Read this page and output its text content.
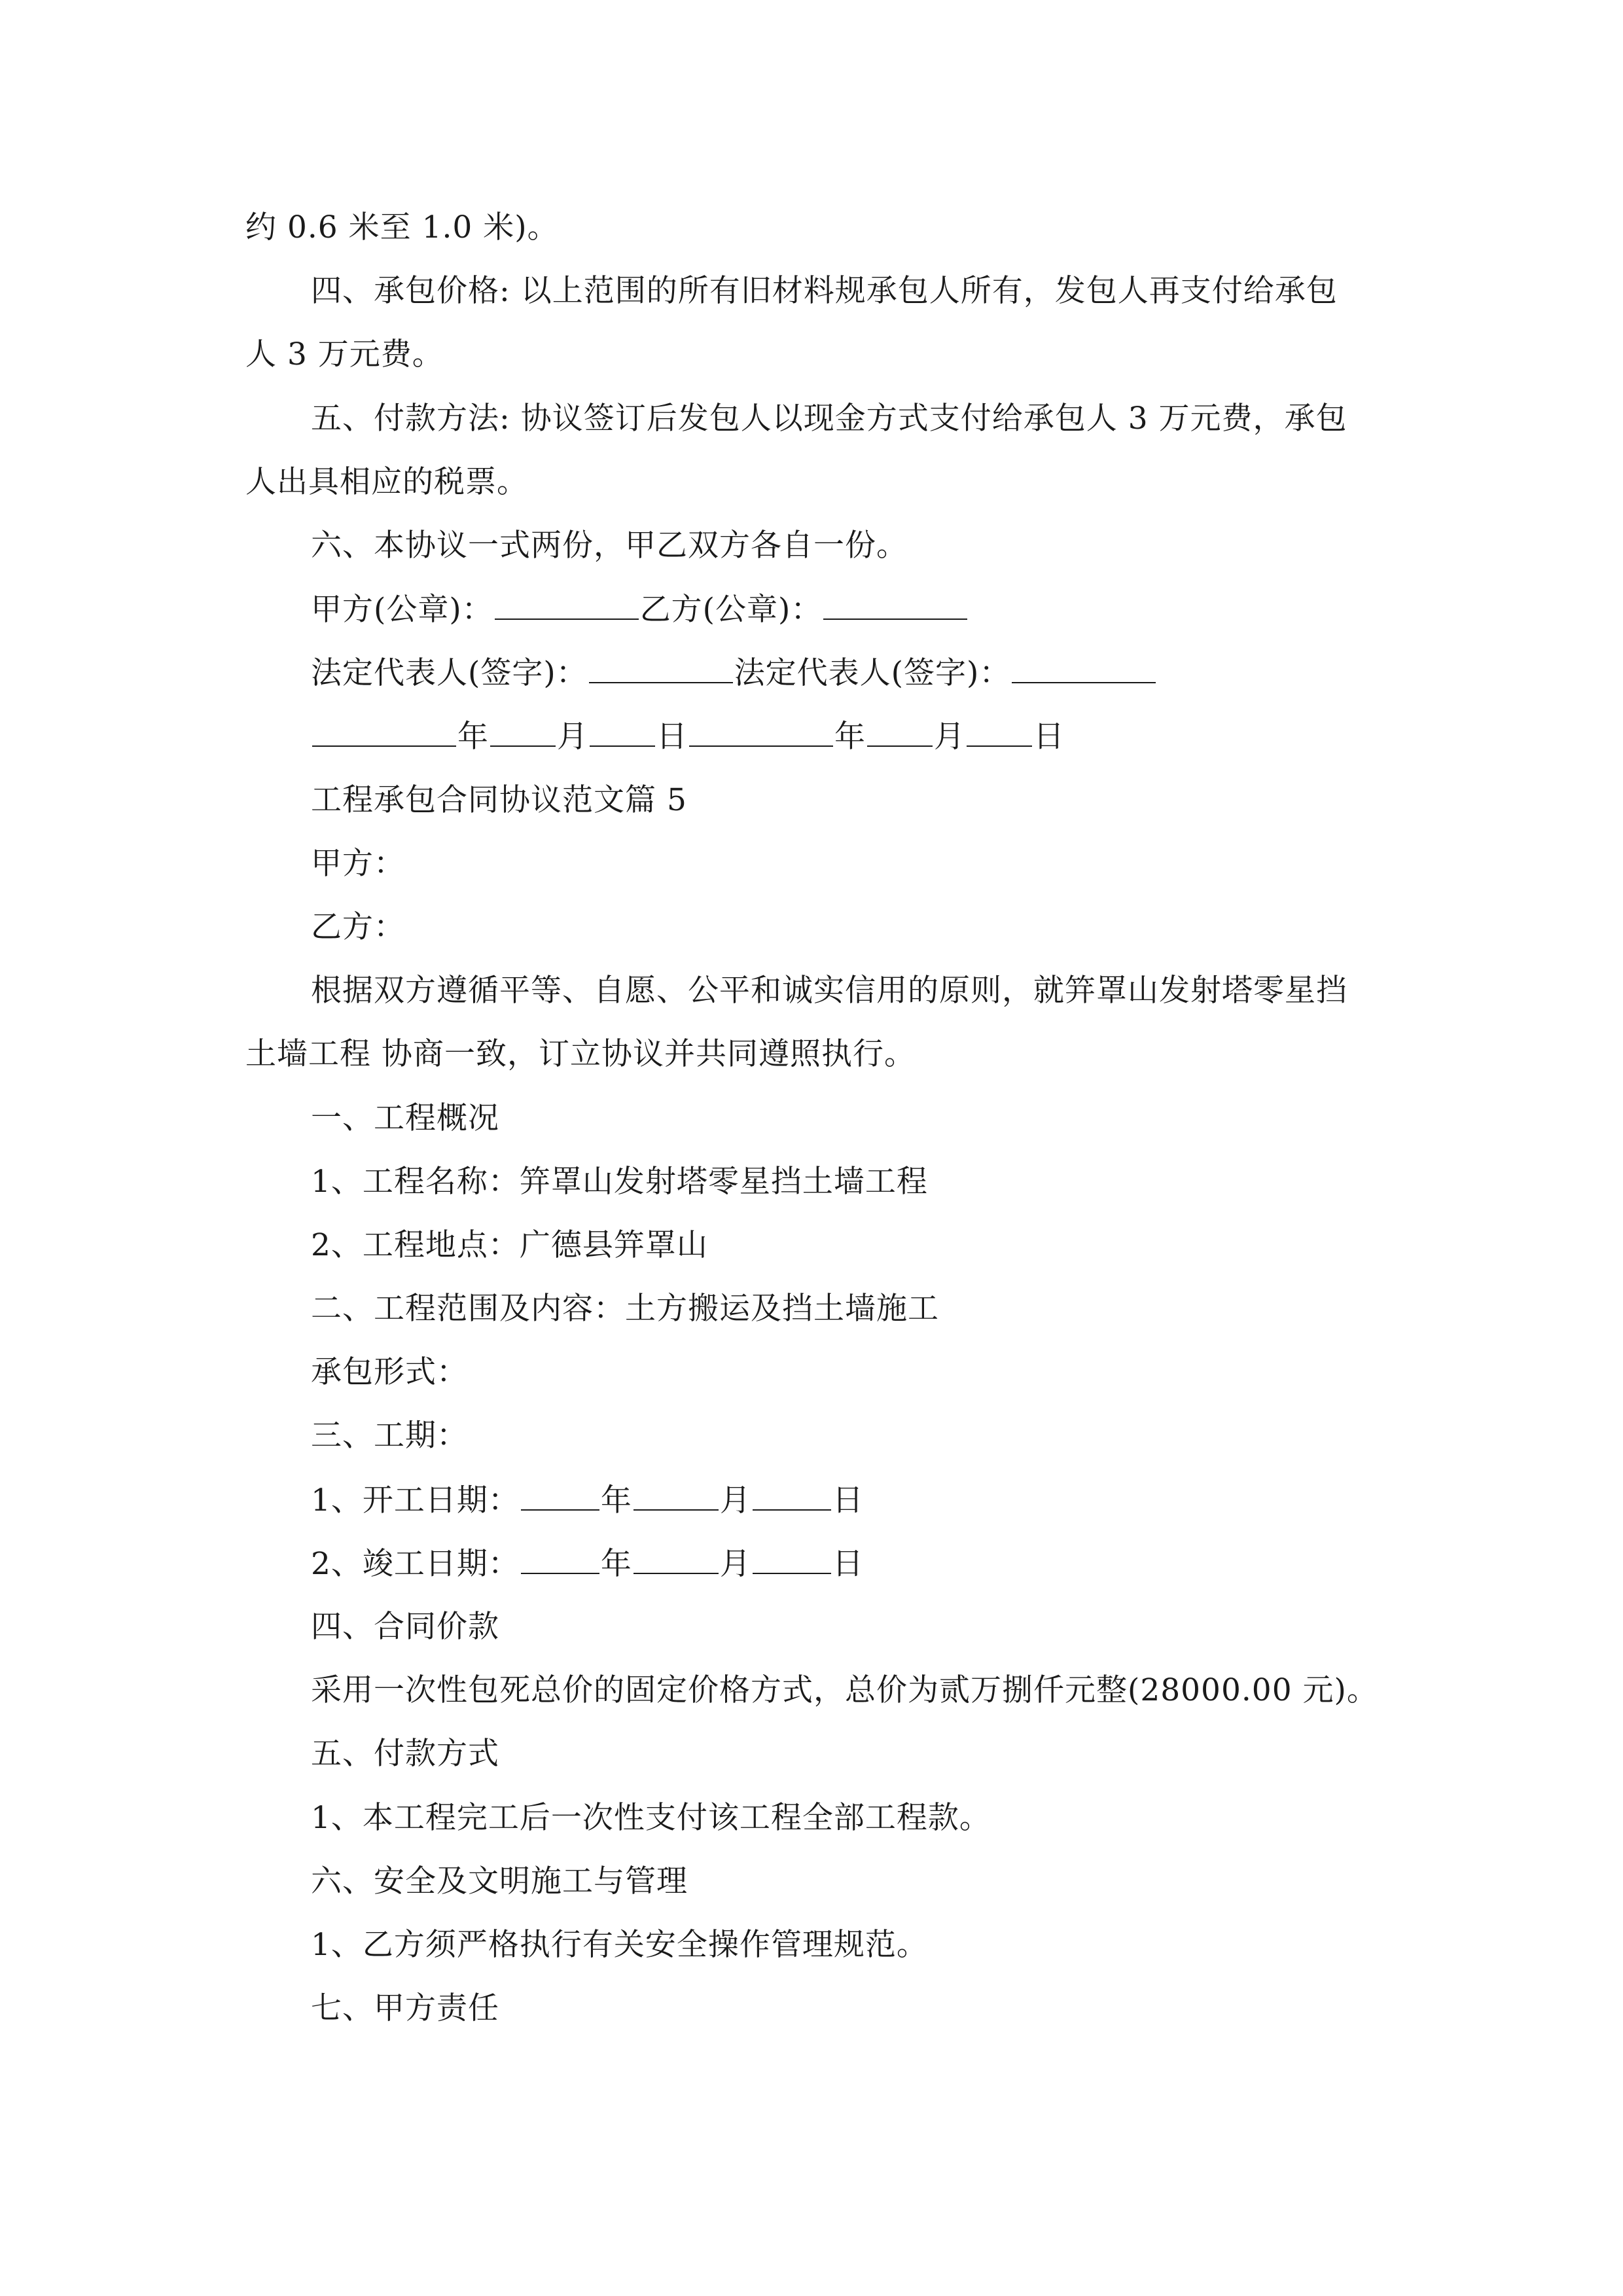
约 0.6 米至 1.0 米)。
四、承包价格: 以上范围的所有旧材料规承包人所有，发包人再支付给承包
人 3 万元费。
五、付款方法: 协议签订后发包人以现金方式支付给承包人 3 万元费，承包
人出具相应的税票。
六、本协议一式两份，甲乙双方各自一份。
甲方(公章)：	乙方(公章)：
法定代表人(签字)：	法定代表人(签字)：
年 月 日	年 月 日
工程承包合同协议范文篇 5
甲方：
乙方：
根据双方遵循平等、自愿、公平和诚实信用的原则，就笄罩山发射塔零星挡
土墙工程 协商一致，订立协议并共同遵照执行。
一、工程概况
1、工程名称：笄罩山发射塔零星挡土墙工程
2、工程地点：广德县笄罩山
二、工程范围及内容：土方搬运及挡土墙施工
承包形式：
三、工期：
1、开工日期：	年	月	日
2、竣工日期：	年	月	日
四、合同价款
采用一次性包死总价的固定价格方式，总价为贰万捌仟元整(28000.00 元)。
五、付款方式
1、本工程完工后一次性支付该工程全部工程款。
六、安全及文明施工与管理
1、乙方须严格执行有关安全操作管理规范。
七、甲方责任
